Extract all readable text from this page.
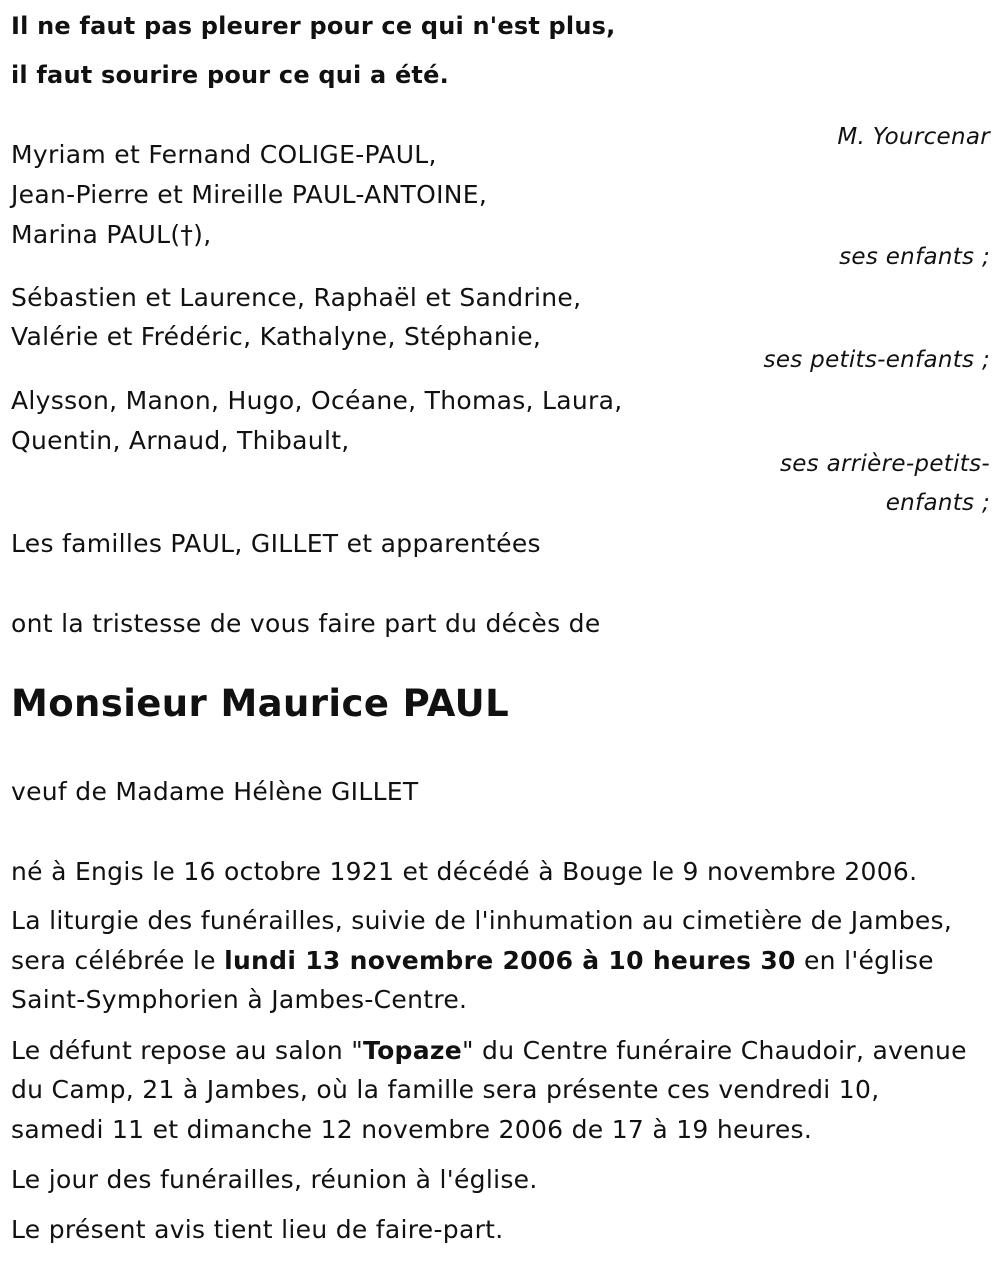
Il ne faut pas pleurer pour ce qui n'est plus,
il faut sourire pour ce qui a été.
M. Yourcenar
Myriam et Fernand COLIGE-PAUL,
Jean-Pierre et Mireille PAUL-ANTOINE,
Marina PAUL(†),
ses enfants ;
Sébastien et Laurence, Raphaël et Sandrine,
Valérie et Frédéric, Kathalyne, Stéphanie,
ses petits-enfants ;
Alysson, Manon, Hugo, Océane, Thomas, Laura,
Quentin, Arnaud, Thibault,
ses arrière-petits-
enfants ;
Les familles PAUL, GILLET et apparentées
ont la tristesse de vous faire part du décès de
Monsieur Maurice PAUL
veuf de Madame Hélène GILLET
né à Engis le 16 octobre 1921 et décédé à Bouge le 9 novembre 2006.
La liturgie des funérailles, suivie de l'inhumation au cimetière de Jambes,
sera célébrée le lundi 13 novembre 2006 à 10 heures 30 en l'église
Saint-Symphorien à Jambes-Centre.
Le défunt repose au salon "Topaze" du Centre funéraire Chaudoir, avenue
du Camp, 21 à Jambes, où la famille sera présente ces vendredi 10,
samedi 11 et dimanche 12 novembre 2006 de 17 à 19 heures.
Le jour des funérailles, réunion à l'église.
Le présent avis tient lieu de faire-part.
